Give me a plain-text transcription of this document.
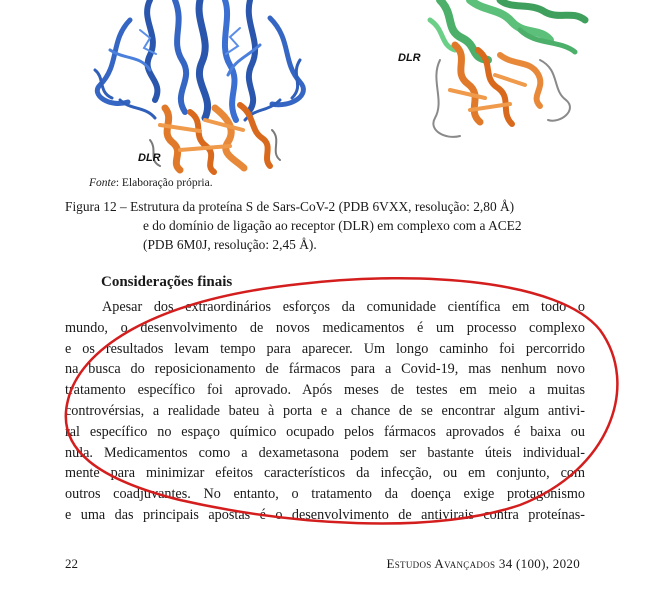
DLR
DLR
Fonte: Elaboração própria.
Figura 12 – Estrutura da proteína S de Sars-CoV-2 (PDB 6VXX, resolução: 2,80 Å)
e do domínio de ligação ao receptor (DLR) em complexo com a ACE2
(PDB 6M0J, resolução: 2,45 Å).
Considerações finais
Apesar dos extraordinários esforços da comunidade científica em todo o
mundo, o desenvolvimento de novos medicamentos é um processo complexo
e os resultados levam tempo para aparecer. Um longo caminho foi percorrido
na busca do reposicionamento de fármacos para a Covid-19, mas nenhum novo
tratamento específico foi aprovado. Após meses de testes em meio a muitas
controvérsias, a realidade bateu à porta e a chance de se encontrar algum antivi-
ral específico no espaço químico ocupado pelos fármacos aprovados é baixa ou
nula. Medicamentos como a dexametasona podem ser bastante úteis individual-
mente para minimizar efeitos característicos da infecção, ou em conjunto, com
outros coadjuvantes. No entanto, o tratamento da doença exige protagonismo
e uma das principais apostas é o desenvolvimento de antivirais contra proteínas-
22	Estudos Avançados 34 (100), 2020
